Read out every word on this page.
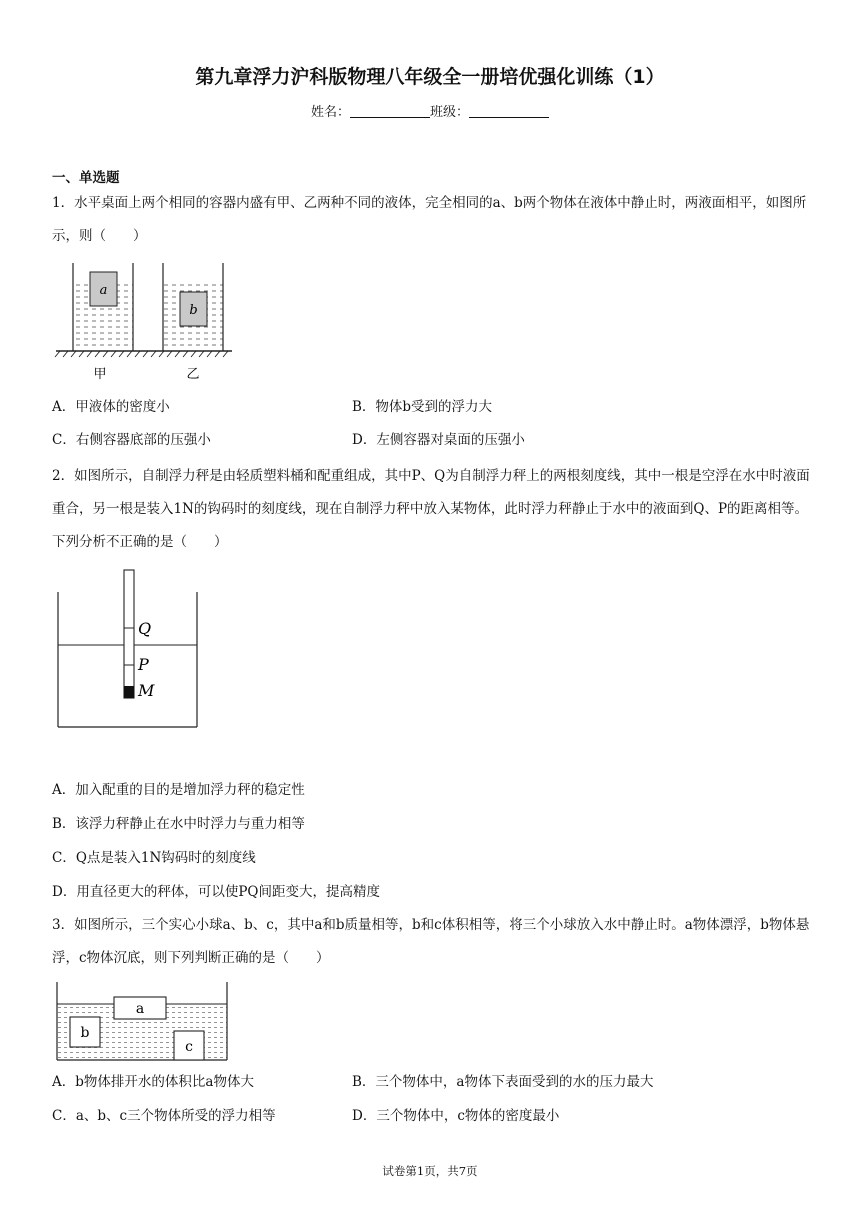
第九章浮力沪科版物理八年级全一册培优强化训练（1）
姓名：	班级：
一、单选题

1．水平桌面上两个相同的容器内盛有甲、乙两种不同的液体，完全相同的a、b两个物体在液体中静止时，两液面相平，如图所示，则（　　）

a
b
甲	乙
A．甲液体的密度小	B．物体b受到的浮力大
C．右侧容器底部的压强小	D．左侧容器对桌面的压强小

2．如图所示，自制浮力秤是由轻质塑料桶和配重组成，其中P、Q为自制浮力秤上的两根刻度线，其中一根是空浮在水中时液面重合，另一根是装入1N的钩码时的刻度线，现在自制浮力秤中放入某物体，此时浮力秤静止于水中的液面到Q、P的距离相等。下列分析不正确的是（　　）

Q
P
M
A．加入配重的目的是增加浮力秤的稳定性
B．该浮力秤静止在水中时浮力与重力相等
C．Q点是装入1N钩码时的刻度线
D．用直径更大的秤体，可以使PQ间距变大，提高精度

3．如图所示，三个实心小球a、b、c，其中a和b质量相等，b和c体积相等，将三个小球放入水中静止时。a物体漂浮，b物体悬浮，c物体沉底，则下列判断正确的是（　　）

a
b
c
A．b物体排开水的体积比a物体大	B．三个物体中，a物体下表面受到的水的压力最大
C．a、b、c三个物体所受的浮力相等	D．三个物体中，c物体的密度最小
试卷第1页，共7页
